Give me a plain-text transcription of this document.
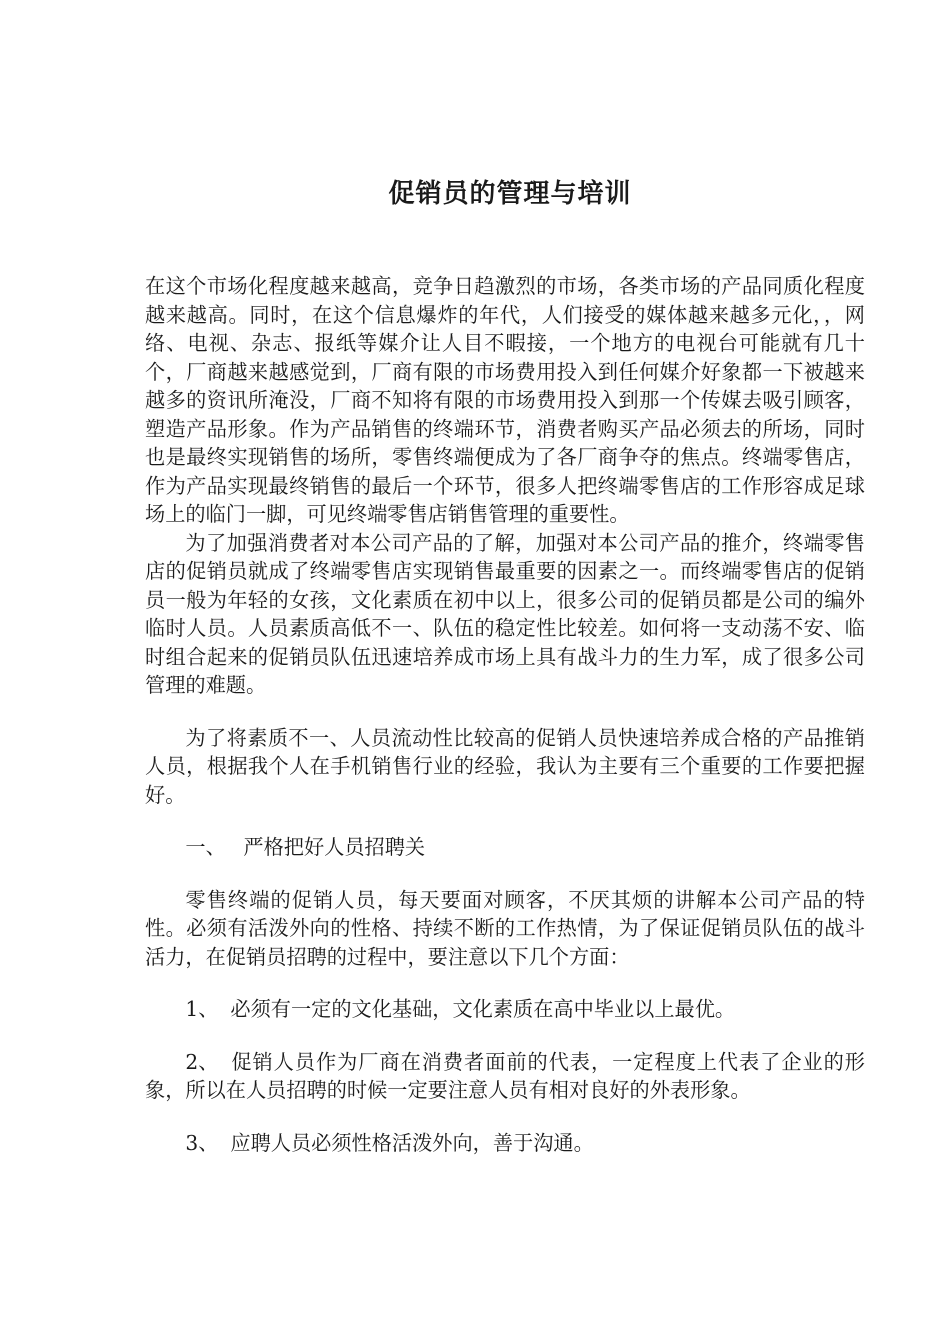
促销员的管理与培训

在这个市场化程度越来越高，竞争日趋激烈的市场，各类市场的产品同质化程度越来越高。同时，在这个信息爆炸的年代，人们接受的媒体越来越多元化，，网络、电视、杂志、报纸等媒介让人目不暇接，一个地方的电视台可能就有几十个，厂商越来越感觉到，厂商有限的市场费用投入到任何媒介好象都一下被越来越多的资讯所淹没，厂商不知将有限的市场费用投入到那一个传媒去吸引顾客，塑造产品形象。作为产品销售的终端环节，消费者购买产品必须去的所场，同时也是最终实现销售的场所，零售终端便成为了各厂商争夺的焦点。终端零售店，作为产品实现最终销售的最后一个环节，很多人把终端零售店的工作形容成足球场上的临门一脚，可见终端零售店销售管理的重要性。

为了加强消费者对本公司产品的了解，加强对本公司产品的推介，终端零售店的促销员就成了终端零售店实现销售最重要的因素之一。而终端零售店的促销员一般为年轻的女孩，文化素质在初中以上，很多公司的促销员都是公司的编外临时人员。人员素质高低不一、队伍的稳定性比较差。如何将一支动荡不安、临时组合起来的促销员队伍迅速培养成市场上具有战斗力的生力军，成了很多公司管理的难题。

为了将素质不一、人员流动性比较高的促销人员快速培养成合格的产品推销人员，根据我个人在手机销售行业的经验，我认为主要有三个重要的工作要把握好。

一、 严格把好人员招聘关

零售终端的促销人员，每天要面对顾客，不厌其烦的讲解本公司产品的特性。必须有活泼外向的性格、持续不断的工作热情，为了保证促销员队伍的战斗活力，在促销员招聘的过程中，要注意以下几个方面：

1、 必须有一定的文化基础，文化素质在高中毕业以上最优。

2、 促销人员作为厂商在消费者面前的代表，一定程度上代表了企业的形象，所以在人员招聘的时候一定要注意人员有相对良好的外表形象。

3、 应聘人员必须性格活泼外向，善于沟通。
